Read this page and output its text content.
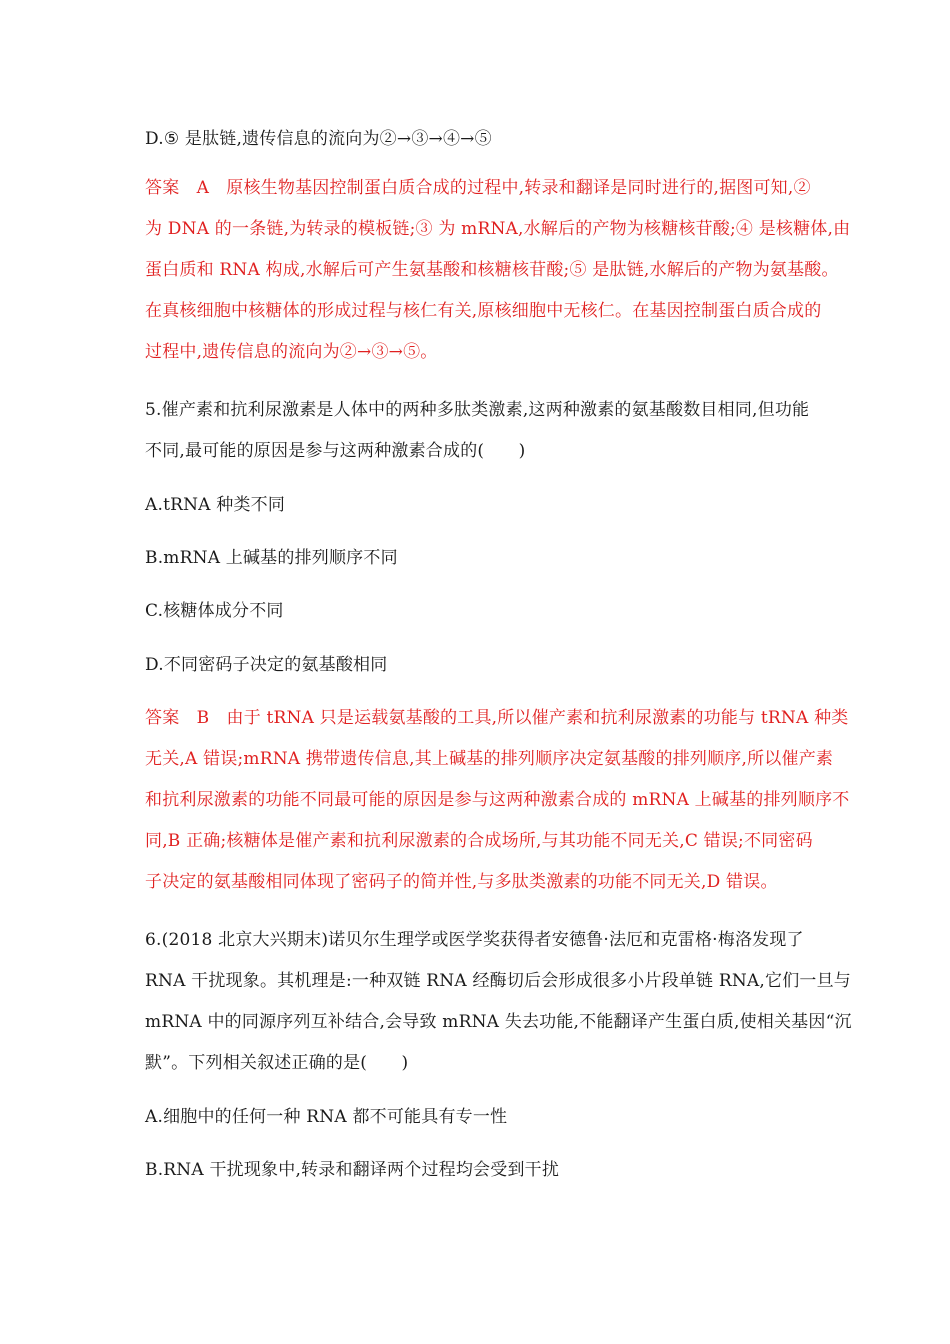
D.⑤ 是肽链,遗传信息的流向为②→③→④→⑤
答案　A　原核生物基因控制蛋白质合成的过程中,转录和翻译是同时进行的,据图可知,②
为 DNA 的一条链,为转录的模板链;③ 为 mRNA,水解后的产物为核糖核苷酸;④ 是核糖体,由
蛋白质和 RNA 构成,水解后可产生氨基酸和核糖核苷酸;⑤ 是肽链,水解后的产物为氨基酸。
在真核细胞中核糖体的形成过程与核仁有关,原核细胞中无核仁。在基因控制蛋白质合成的
过程中,遗传信息的流向为②→③→⑤。
5.催产素和抗利尿激素是人体中的两种多肽类激素,这两种激素的氨基酸数目相同,但功能
不同,最可能的原因是参与这两种激素合成的(　　)
A.tRNA 种类不同
B.mRNA 上碱基的排列顺序不同
C.核糖体成分不同
D.不同密码子决定的氨基酸相同
答案　B　由于 tRNA 只是运载氨基酸的工具,所以催产素和抗利尿激素的功能与 tRNA 种类
无关,A 错误;mRNA 携带遗传信息,其上碱基的排列顺序决定氨基酸的排列顺序,所以催产素
和抗利尿激素的功能不同最可能的原因是参与这两种激素合成的 mRNA 上碱基的排列顺序不
同,B 正确;核糖体是催产素和抗利尿激素的合成场所,与其功能不同无关,C 错误;不同密码
子决定的氨基酸相同体现了密码子的简并性,与多肽类激素的功能不同无关,D 错误。
6.(2018 北京大兴期末)诺贝尔生理学或医学奖获得者安德鲁·法厄和克雷格·梅洛发现了
RNA 干扰现象。其机理是:一种双链 RNA 经酶切后会形成很多小片段单链 RNA,它们一旦与
mRNA 中的同源序列互补结合,会导致 mRNA 失去功能,不能翻译产生蛋白质,使相关基因“沉
默”。下列相关叙述正确的是(　　)
A.细胞中的任何一种 RNA 都不可能具有专一性
B.RNA 干扰现象中,转录和翻译两个过程均会受到干扰
